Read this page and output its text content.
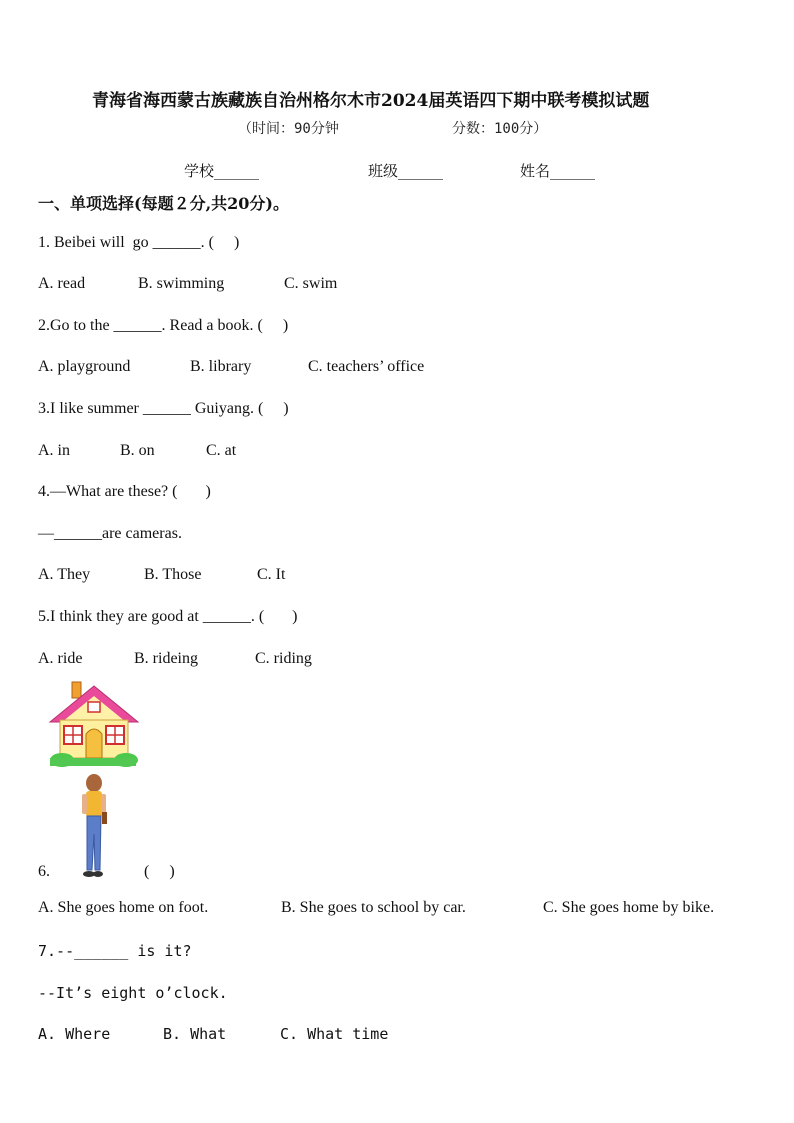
青海省海西蒙古族藏族自治州格尔木市2024届英语四下期中联考模拟试题
（时间：90分钟	分数：100分）
学校______	班级______	姓名______
一、单项选择(每题２分,共20分)。
1. Beibei will  go ______. (     )
A. read	B. swimming	C. swim
2.Go to the ______. Read a book. (     )
A. playground	B. library	C. teachers’ office
3.I like summer ______ Guiyang. (     )
A. in	B. on	C. at
4.—What are these? (       )
—______are cameras.
A. They	B. Those	C. It
5.I think they are good at ______. (       )
A. ride	B. rideing	C. riding
6.	(     )
A. She goes home on foot.	B. She goes to school by car.	C. She goes home by bike.
7.--______ is it?
--It’s eight o’clock.
A. Where	B. What	C. What time
